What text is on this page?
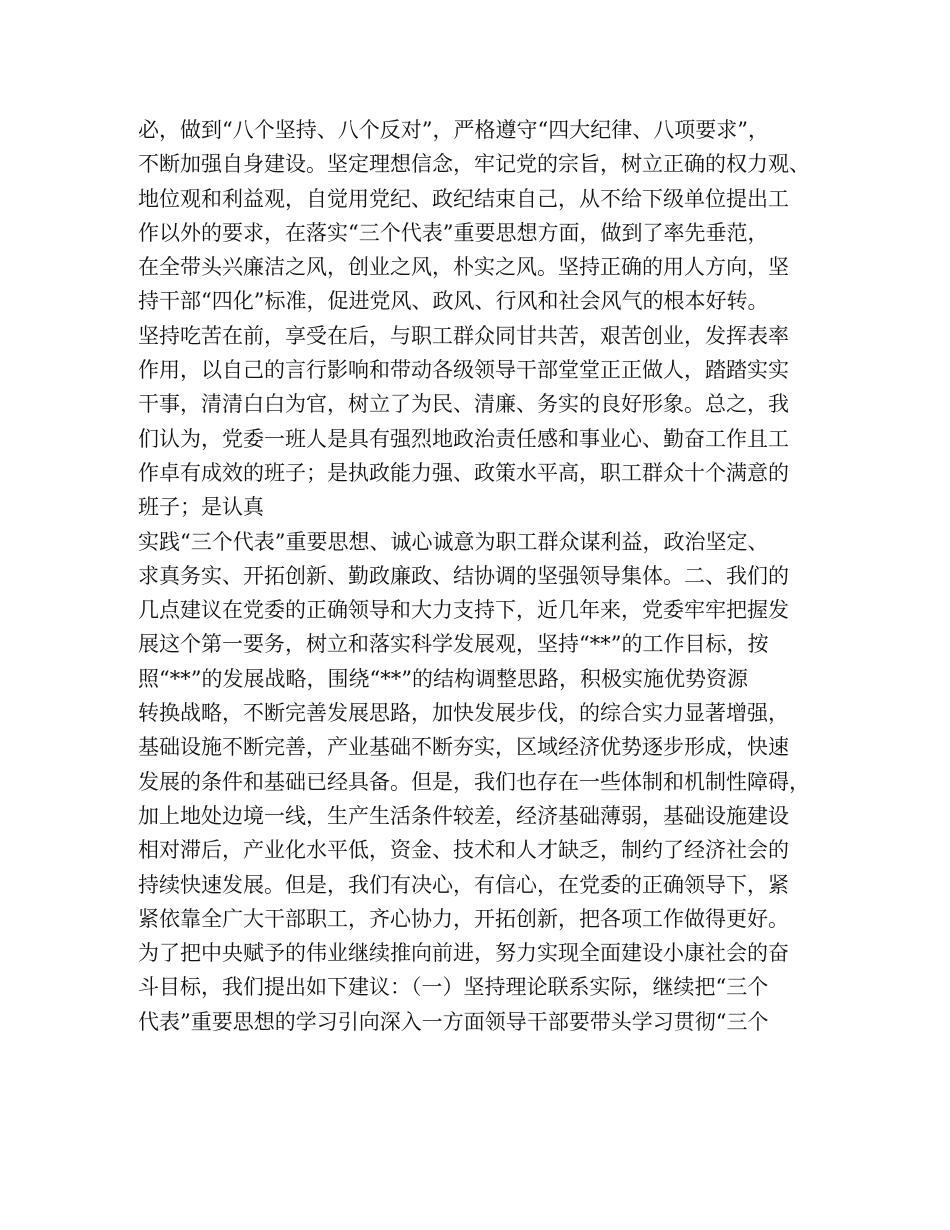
必，做到“八个坚持、八个反对”，严格遵守“四大纪律、八项要求”，
不断加强自身建设。坚定理想信念，牢记党的宗旨，树立正确的权力观、
地位观和利益观，自觉用党纪、政纪结束自己，从不给下级单位提出工
作以外的要求，在落实“三个代表”重要思想方面，做到了率先垂范，
在全带头兴廉洁之风，创业之风，朴实之风。坚持正确的用人方向，坚
持干部“四化”标准，促进党风、政风、行风和社会风气的根本好转。
坚持吃苦在前，享受在后，与职工群众同甘共苦，艰苦创业，发挥表率
作用，以自己的言行影响和带动各级领导干部堂堂正正做人，踏踏实实
干事，清清白白为官，树立了为民、清廉、务实的良好形象。总之，我
们认为，党委一班人是具有强烈地政治责任感和事业心、勤奋工作且工
作卓有成效的班子；是执政能力强、政策水平高，职工群众十个满意的
班子；是认真
实践“三个代表”重要思想、诚心诚意为职工群众谋利益，政治坚定、
求真务实、开拓创新、勤政廉政、结协调的坚强领导集体。二、我们的
几点建议在党委的正确领导和大力支持下，近几年来，党委牢牢把握发
展这个第一要务，树立和落实科学发展观，坚持“**”的工作目标，按
照“**”的发展战略，围绕“**”的结构调整思路，积极实施优势资源
转换战略，不断完善发展思路，加快发展步伐，的综合实力显著增强，
基础设施不断完善，产业基础不断夯实，区域经济优势逐步形成，快速
发展的条件和基础已经具备。但是，我们也存在一些体制和机制性障碍，
加上地处边境一线，生产生活条件较差，经济基础薄弱，基础设施建设
相对滞后，产业化水平低，资金、技术和人才缺乏，制约了经济社会的
持续快速发展。但是，我们有决心，有信心，在党委的正确领导下，紧
紧依靠全广大干部职工，齐心协力，开拓创新，把各项工作做得更好。
为了把中央赋予的伟业继续推向前进，努力实现全面建设小康社会的奋
斗目标，我们提出如下建议：（一）坚持理论联系实际，继续把“三个
代表”重要思想的学习引向深入一方面领导干部要带头学习贯彻“三个
